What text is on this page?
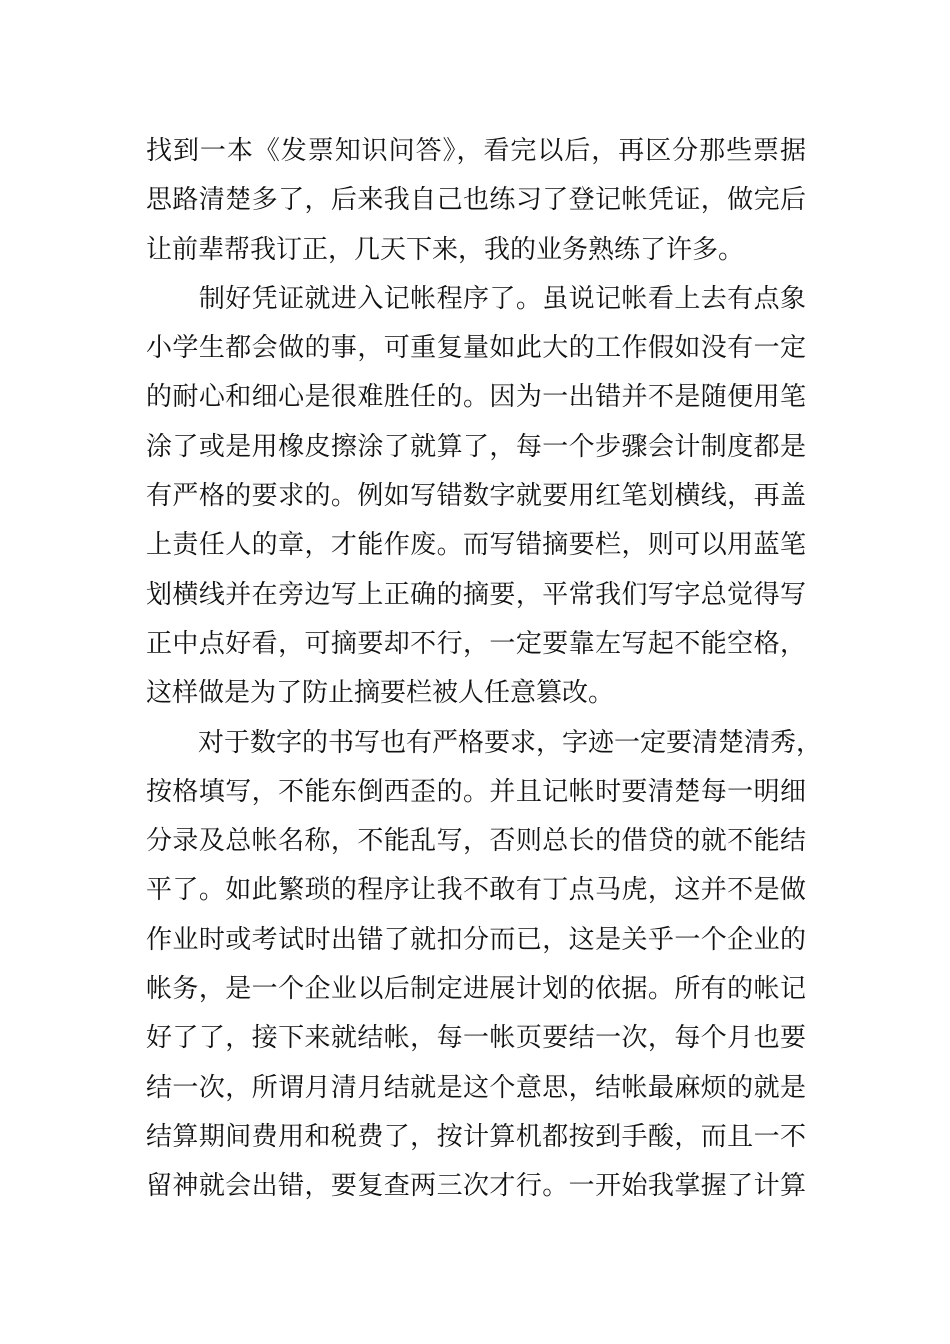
找到一本《发票知识问答》，看完以后，再区分那些票据
思路清楚多了，后来我自己也练习了登记帐凭证，做完后
让前辈帮我订正，几天下来，我的业务熟练了许多。
　　制好凭证就进入记帐程序了。虽说记帐看上去有点象
小学生都会做的事，可重复量如此大的工作假如没有一定
的耐心和细心是很难胜任的。因为一出错并不是随便用笔
涂了或是用橡皮擦涂了就算了，每一个步骤会计制度都是
有严格的要求的。例如写错数字就要用红笔划横线，再盖
上责任人的章，才能作废。而写错摘要栏，则可以用蓝笔
划横线并在旁边写上正确的摘要，平常我们写字总觉得写
正中点好看，可摘要却不行，一定要靠左写起不能空格，
这样做是为了防止摘要栏被人任意篡改。
　　对于数字的书写也有严格要求，字迹一定要清楚清秀，
按格填写，不能东倒西歪的。并且记帐时要清楚每一明细
分录及总帐名称，不能乱写，否则总长的借贷的就不能结
平了。如此繁琐的程序让我不敢有丁点马虎，这并不是做
作业时或考试时出错了就扣分而已，这是关乎一个企业的
帐务，是一个企业以后制定进展计划的依据。所有的帐记
好了了，接下来就结帐，每一帐页要结一次，每个月也要
结一次，所谓月清月结就是这个意思，结帐最麻烦的就是
结算期间费用和税费了，按计算机都按到手酸，而且一不
留神就会出错，要复查两三次才行。一开始我掌握了计算
